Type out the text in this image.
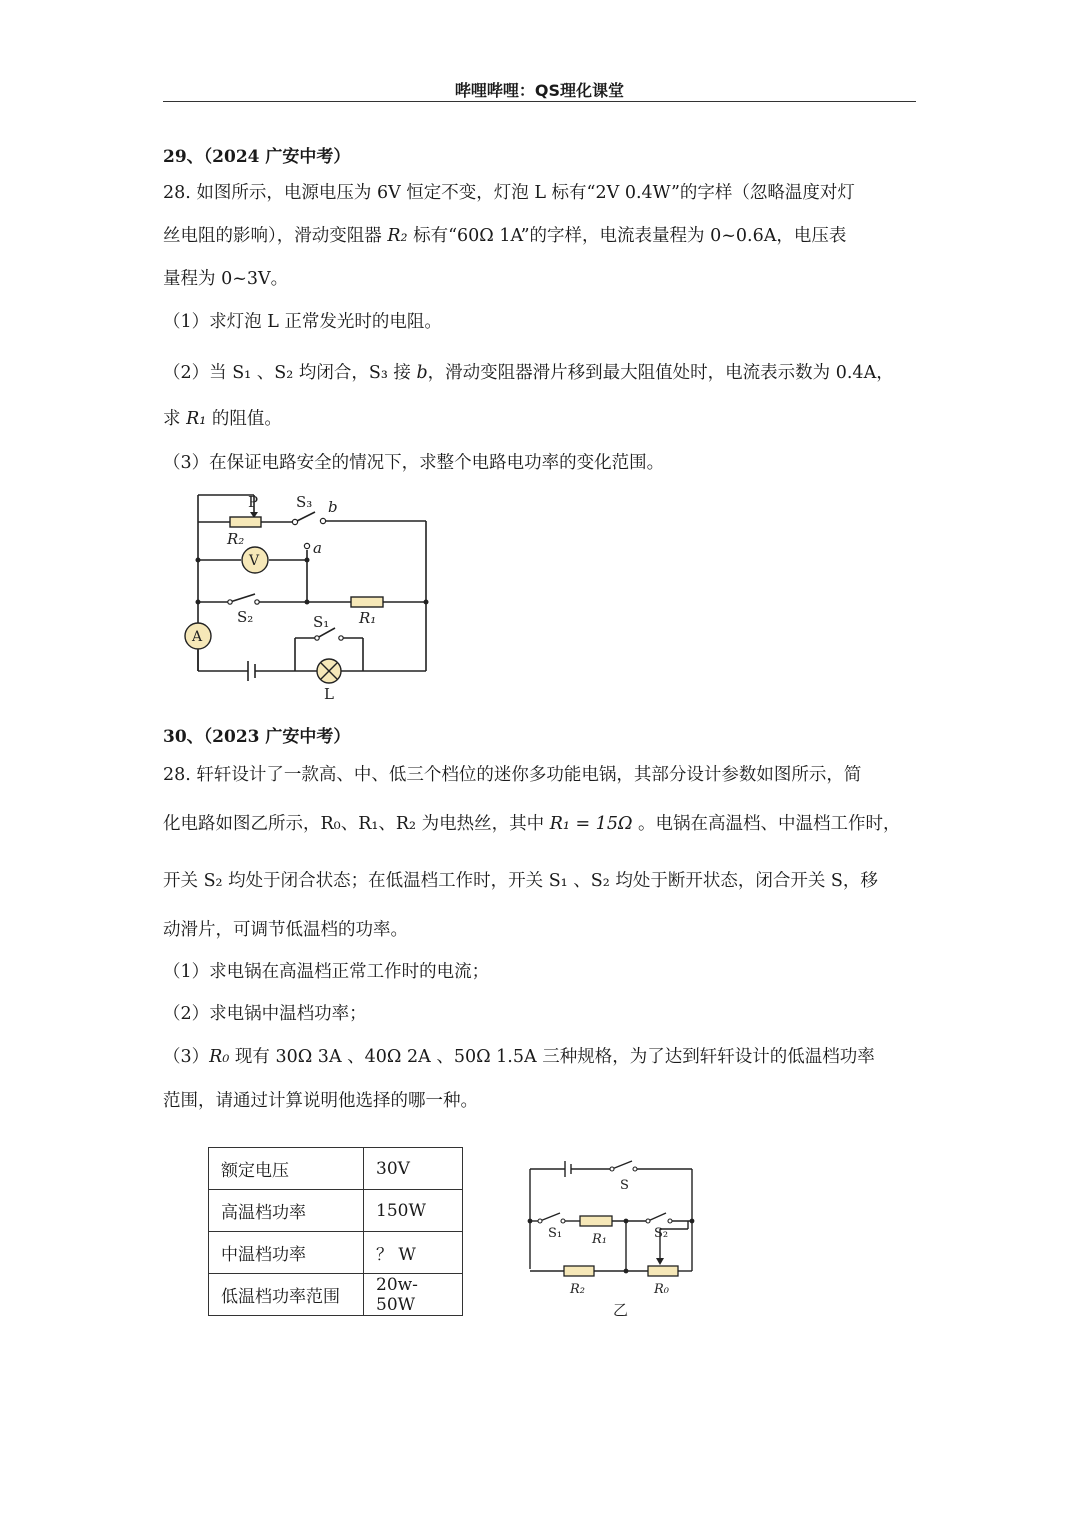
哔哩哔哩：QS理化课堂
29、（2024 广安中考）
28. 如图所示，电源电压为 6V 恒定不变，灯泡 L 标有“2V 0.4W”的字样（忽略温度对灯
丝电阻的影响），滑动变阻器 R₂ 标有“60Ω 1A”的字样，电流表量程为 0~0.6A，电压表
量程为 0~3V。
（1）求灯泡 L 正常发光时的电阻。
（2）当 S₁ 、S₂ 均闭合，S₃ 接 b，滑动变阻器滑片移到最大阻值处时，电流表示数为 0.4A，
求 R₁ 的阻值。
（3）在保证电路安全的情况下，求整个电路电功率的变化范围。
P	S₃ b
a
R₂
V
S₂	R₁
A
S₁
L
30、（2023 广安中考）
28. 轩轩设计了一款高、中、低三个档位的迷你多功能电锅，其部分设计参数如图所示，简
化电路如图乙所示，R₀、R₁、R₂ 为电热丝，其中 R₁ = 15Ω 。电锅在高温档、中温档工作时，
开关 S₂ 均处于闭合状态；在低温档工作时，开关 S₁ 、S₂ 均处于断开状态，闭合开关 S，移
动滑片，可调节低温档的功率。
（1）求电锅在高温档正常工作时的电流；
（2）求电锅中温档功率；
（3）R₀ 现有 30Ω 3A 、40Ω 2A 、50Ω 1.5A 三种规格，为了达到轩轩设计的低温档功率
范围，请通过计算说明他选择的哪一种。
额定电压	30V
高温档功率	150W
中温档功率	？ W
低温档功率范围	20w-50W
S
S₁ R₁	S₂
R₂	R₀
乙
